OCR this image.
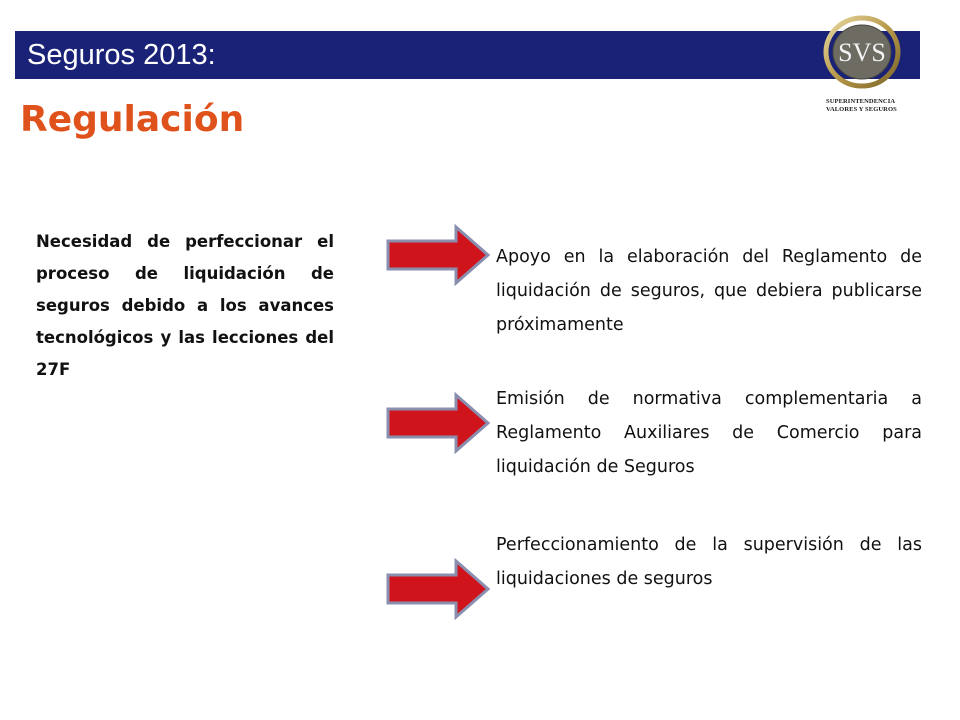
Seguros 2013:	SVS
SUPERINTENDENCIA
VALORES Y SEGUROS
Regulación
Necesidad de perfeccionar el proceso de liquidación de seguros debido a los avances tecnológicos y las lecciones del 27F
Apoyo en la elaboración del Reglamento de liquidación de seguros, que debiera publicarse próximamente
Emisión de normativa complementaria a Reglamento Auxiliares de Comercio para liquidación de Seguros
Perfeccionamiento de la supervisión de las liquidaciones de seguros
